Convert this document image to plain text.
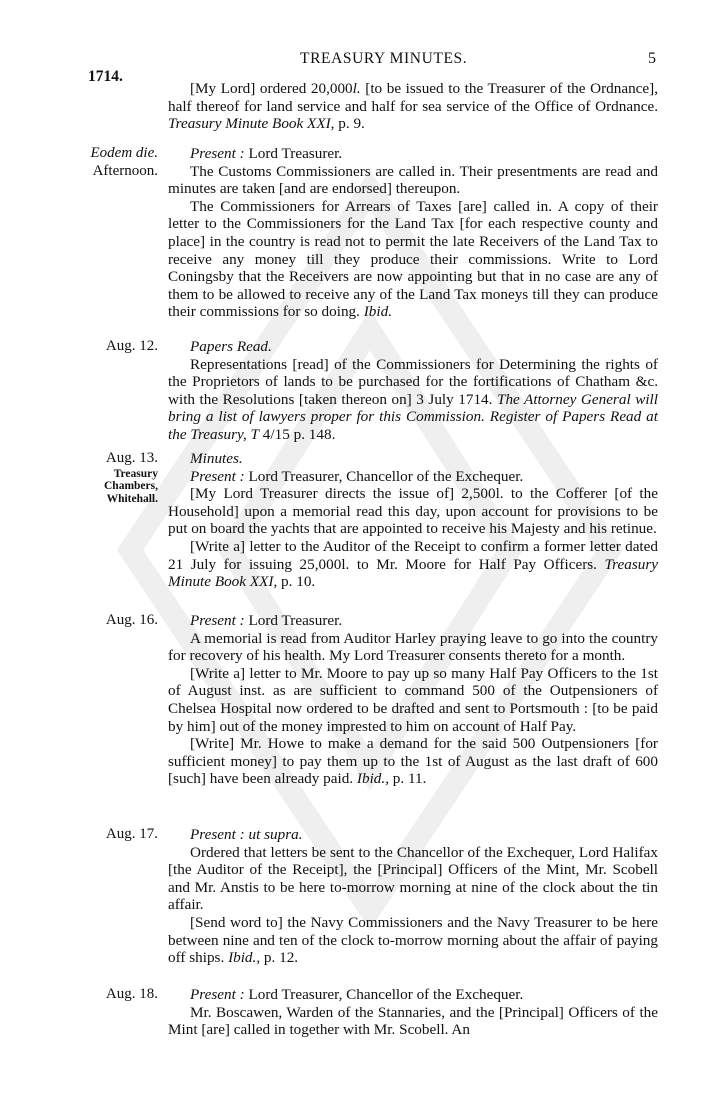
TREASURY MINUTES.	5
1714.

[My Lord] ordered 20,000l. [to be issued to the Treasurer of the Ordnance], half thereof for land service and half for sea service of the Office of Ordnance. Treasury Minute Book XXI, p. 9.

Eodem die.
Afternoon.

Present : Lord Treasurer.

The Customs Commissioners are called in. Their presentments are read and minutes are taken [and are endorsed] thereupon.

The Commissioners for Arrears of Taxes [are] called in. A copy of their letter to the Commissioners for the Land Tax [for each respective county and place] in the country is read not to permit the late Receivers of the Land Tax to receive any money till they produce their commissions. Write to Lord Coningsby that the Receivers are now appointing but that in no case are any of them to be allowed to receive any of the Land Tax moneys till they can produce their commissions for so doing. Ibid.

Aug. 12.	Papers Read.

Representations [read] of the Commissioners for Determining the rights of the Proprietors of lands to be purchased for the fortifications of Chatham &c. with the Resolutions [taken thereon on] 3 July 1714. The Attorney General will bring a list of lawyers proper for this Commission. Register of Papers Read at the Treasury, T 4/15 p. 148.

Aug. 13.
Treasury
Chambers,
Whitehall.

Minutes.

Present : Lord Treasurer, Chancellor of the Exchequer.

[My Lord Treasurer directs the issue of] 2,500l. to the Cofferer [of the Household] upon a memorial read this day, upon account for provisions to be put on board the yachts that are appointed to receive his Majesty and his retinue.

[Write a] letter to the Auditor of the Receipt to confirm a former letter dated 21 July for issuing 25,000l. to Mr. Moore for Half Pay Officers. Treasury Minute Book XXI, p. 10.

Aug. 16.	Present : Lord Treasurer.

A memorial is read from Auditor Harley praying leave to go into the country for recovery of his health. My Lord Treasurer consents thereto for a month.

[Write a] letter to Mr. Moore to pay up so many Half Pay Officers to the 1st of August inst. as are sufficient to command 500 of the Outpensioners of Chelsea Hospital now ordered to be drafted and sent to Portsmouth : [to be paid by him] out of the money imprested to him on account of Half Pay.

[Write] Mr. Howe to make a demand for the said 500 Outpensioners [for sufficient money] to pay them up to the 1st of August as the last draft of 600 [such] have been already paid. Ibid., p. 11.

Aug. 17.	Present : ut supra.

Ordered that letters be sent to the Chancellor of the Exchequer, Lord Halifax [the Auditor of the Receipt], the [Principal] Officers of the Mint, Mr. Scobell and Mr. Anstis to be here to-morrow morning at nine of the clock about the tin affair.

[Send word to] the Navy Commissioners and the Navy Treasurer to be here between nine and ten of the clock to-morrow morning about the affair of paying off ships. Ibid., p. 12.

Aug. 18.	Present : Lord Treasurer, Chancellor of the Exchequer.

Mr. Boscawen, Warden of the Stannaries, and the [Principal] Officers of the Mint [are] called in together with Mr. Scobell. An
